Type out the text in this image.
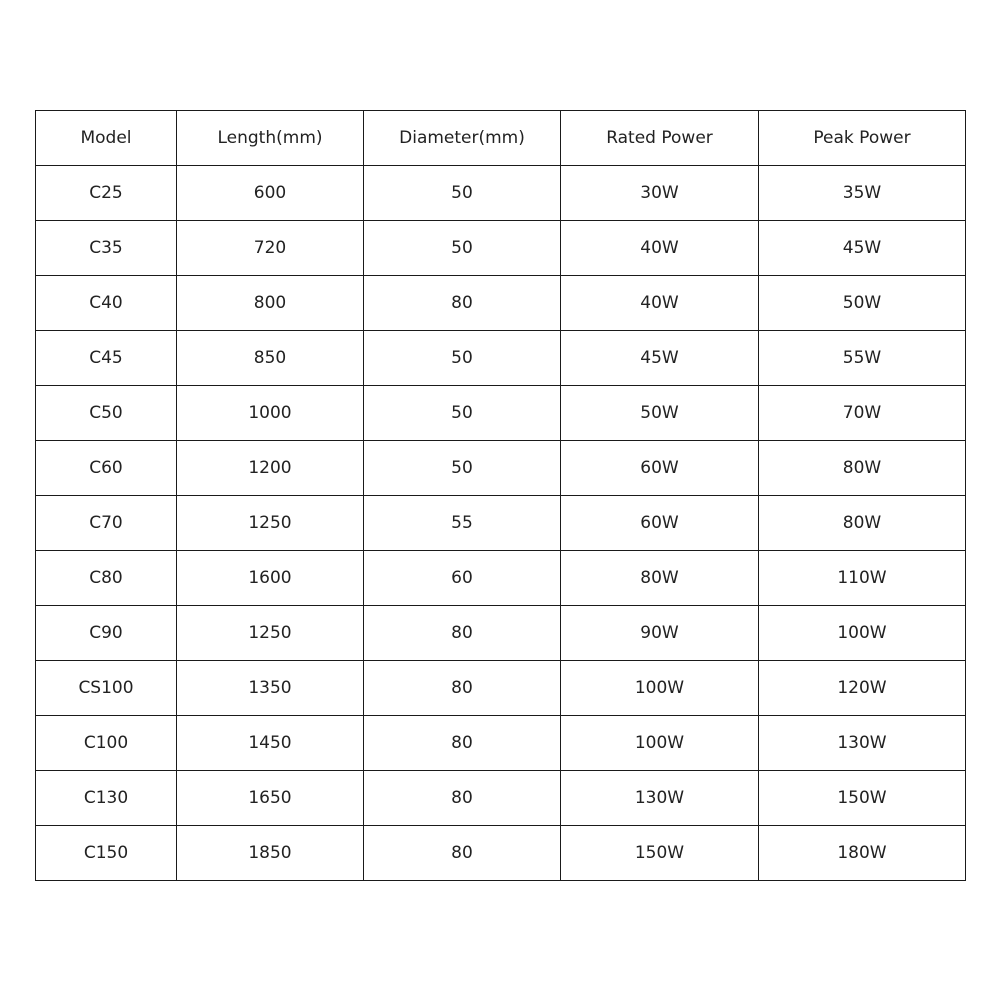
Model	Length(mm)	Diameter(mm)	Rated Power	Peak Power
C25	600	50	30W	35W
C35	720	50	40W	45W
C40	800	80	40W	50W
C45	850	50	45W	55W
C50	1000	50	50W	70W
C60	1200	50	60W	80W
C70	1250	55	60W	80W
C80	1600	60	80W	110W
C90	1250	80	90W	100W
CS100	1350	80	100W	120W
C100	1450	80	100W	130W
C130	1650	80	130W	150W
C150	1850	80	150W	180W
